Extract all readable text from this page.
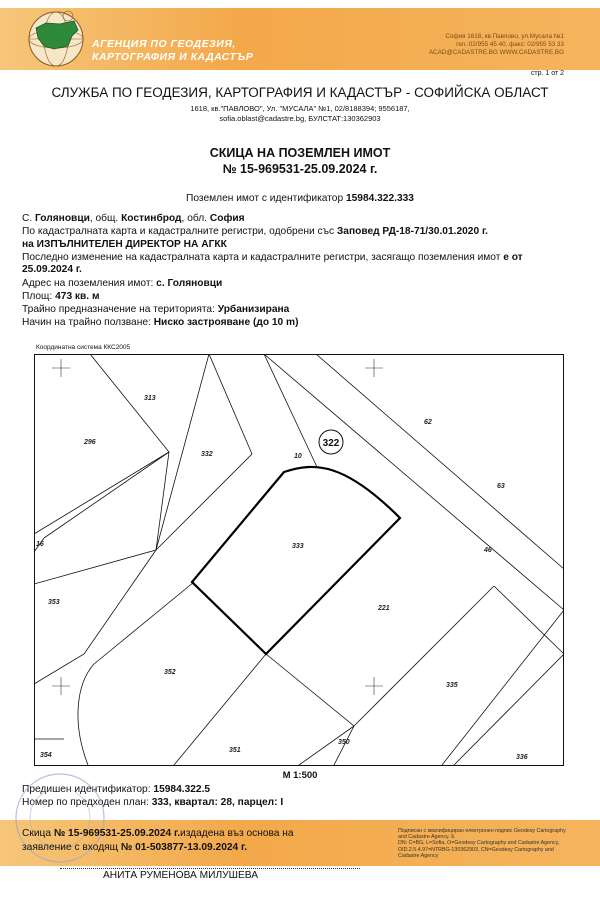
АГЕНЦИЯ ПО ГЕОДЕЗИЯ,
КАРТОГРАФИЯ И КАДАСТЪР
София 1618, кв.Павлово, ул.Мусала №1
тел.:02/955 45 40, факс: 02/955 53 33
ACAD@CADASTRE.BG WWW.CADASTRE.BG
стр. 1 от 2
СЛУЖБА ПО ГЕОДЕЗИЯ, КАРТОГРАФИЯ И КАДАСТЪР - СОФИЙСКА ОБЛАСТ
1618, кв."ПАВЛОВО", Ул. "МУСАЛА" №1, 02/8188394; 9556187,
sofia.oblast@cadastre.bg, БУЛСТАТ:130362903
СКИЦА НА ПОЗЕМЛЕН ИМОТ
№ 15-969531-25.09.2024 г.
Поземлен имот с идентификатор 15984.322.333
С. Голяновци, общ. Костинброд, обл. София
По кадастралната карта и кадастралните регистри, одобрени със Заповед РД-18-71/30.01.2020 г.
на ИЗПЪЛНИТЕЛЕН ДИРЕКТОР НА АГКК
Последно изменение на кадастралната карта и кадастралните регистри, засягащо поземления имот е от
25.09.2024 г.
Адрес на поземления имот: с. Голяновци
Площ: 473 кв. м
Трайно предназначение на територията: Урбанизирана
Начин на трайно ползване: Ниско застрояване (до 10 m)
Координатна система ККС2005
322
313
296
332	10
62
63
16	333
46
353
221
352
335
354
351
350
336
M 1:500
Предишен идентификатор: 15984.322.5
Номер по предходен план: 333, квартал: 28, парцел: I
Скица № 15-969531-25.09.2024 г.издадена въз основа на
заявление с входящ № 01-503877-13.09.2024 г.
Подписан с квалифициран електронен подпис Geodesy Cartography
and Cadastre Agency. E
DN: C=BG, L=Sofia, O=Geodesy Cartography and Cadastre Agency,
OID.2.5.4.97=NTRBG-130362903, CN=Geodesy Cartography and
Cadastre Agency
АНИТА РУМЕНОВА МИЛУШЕВА
